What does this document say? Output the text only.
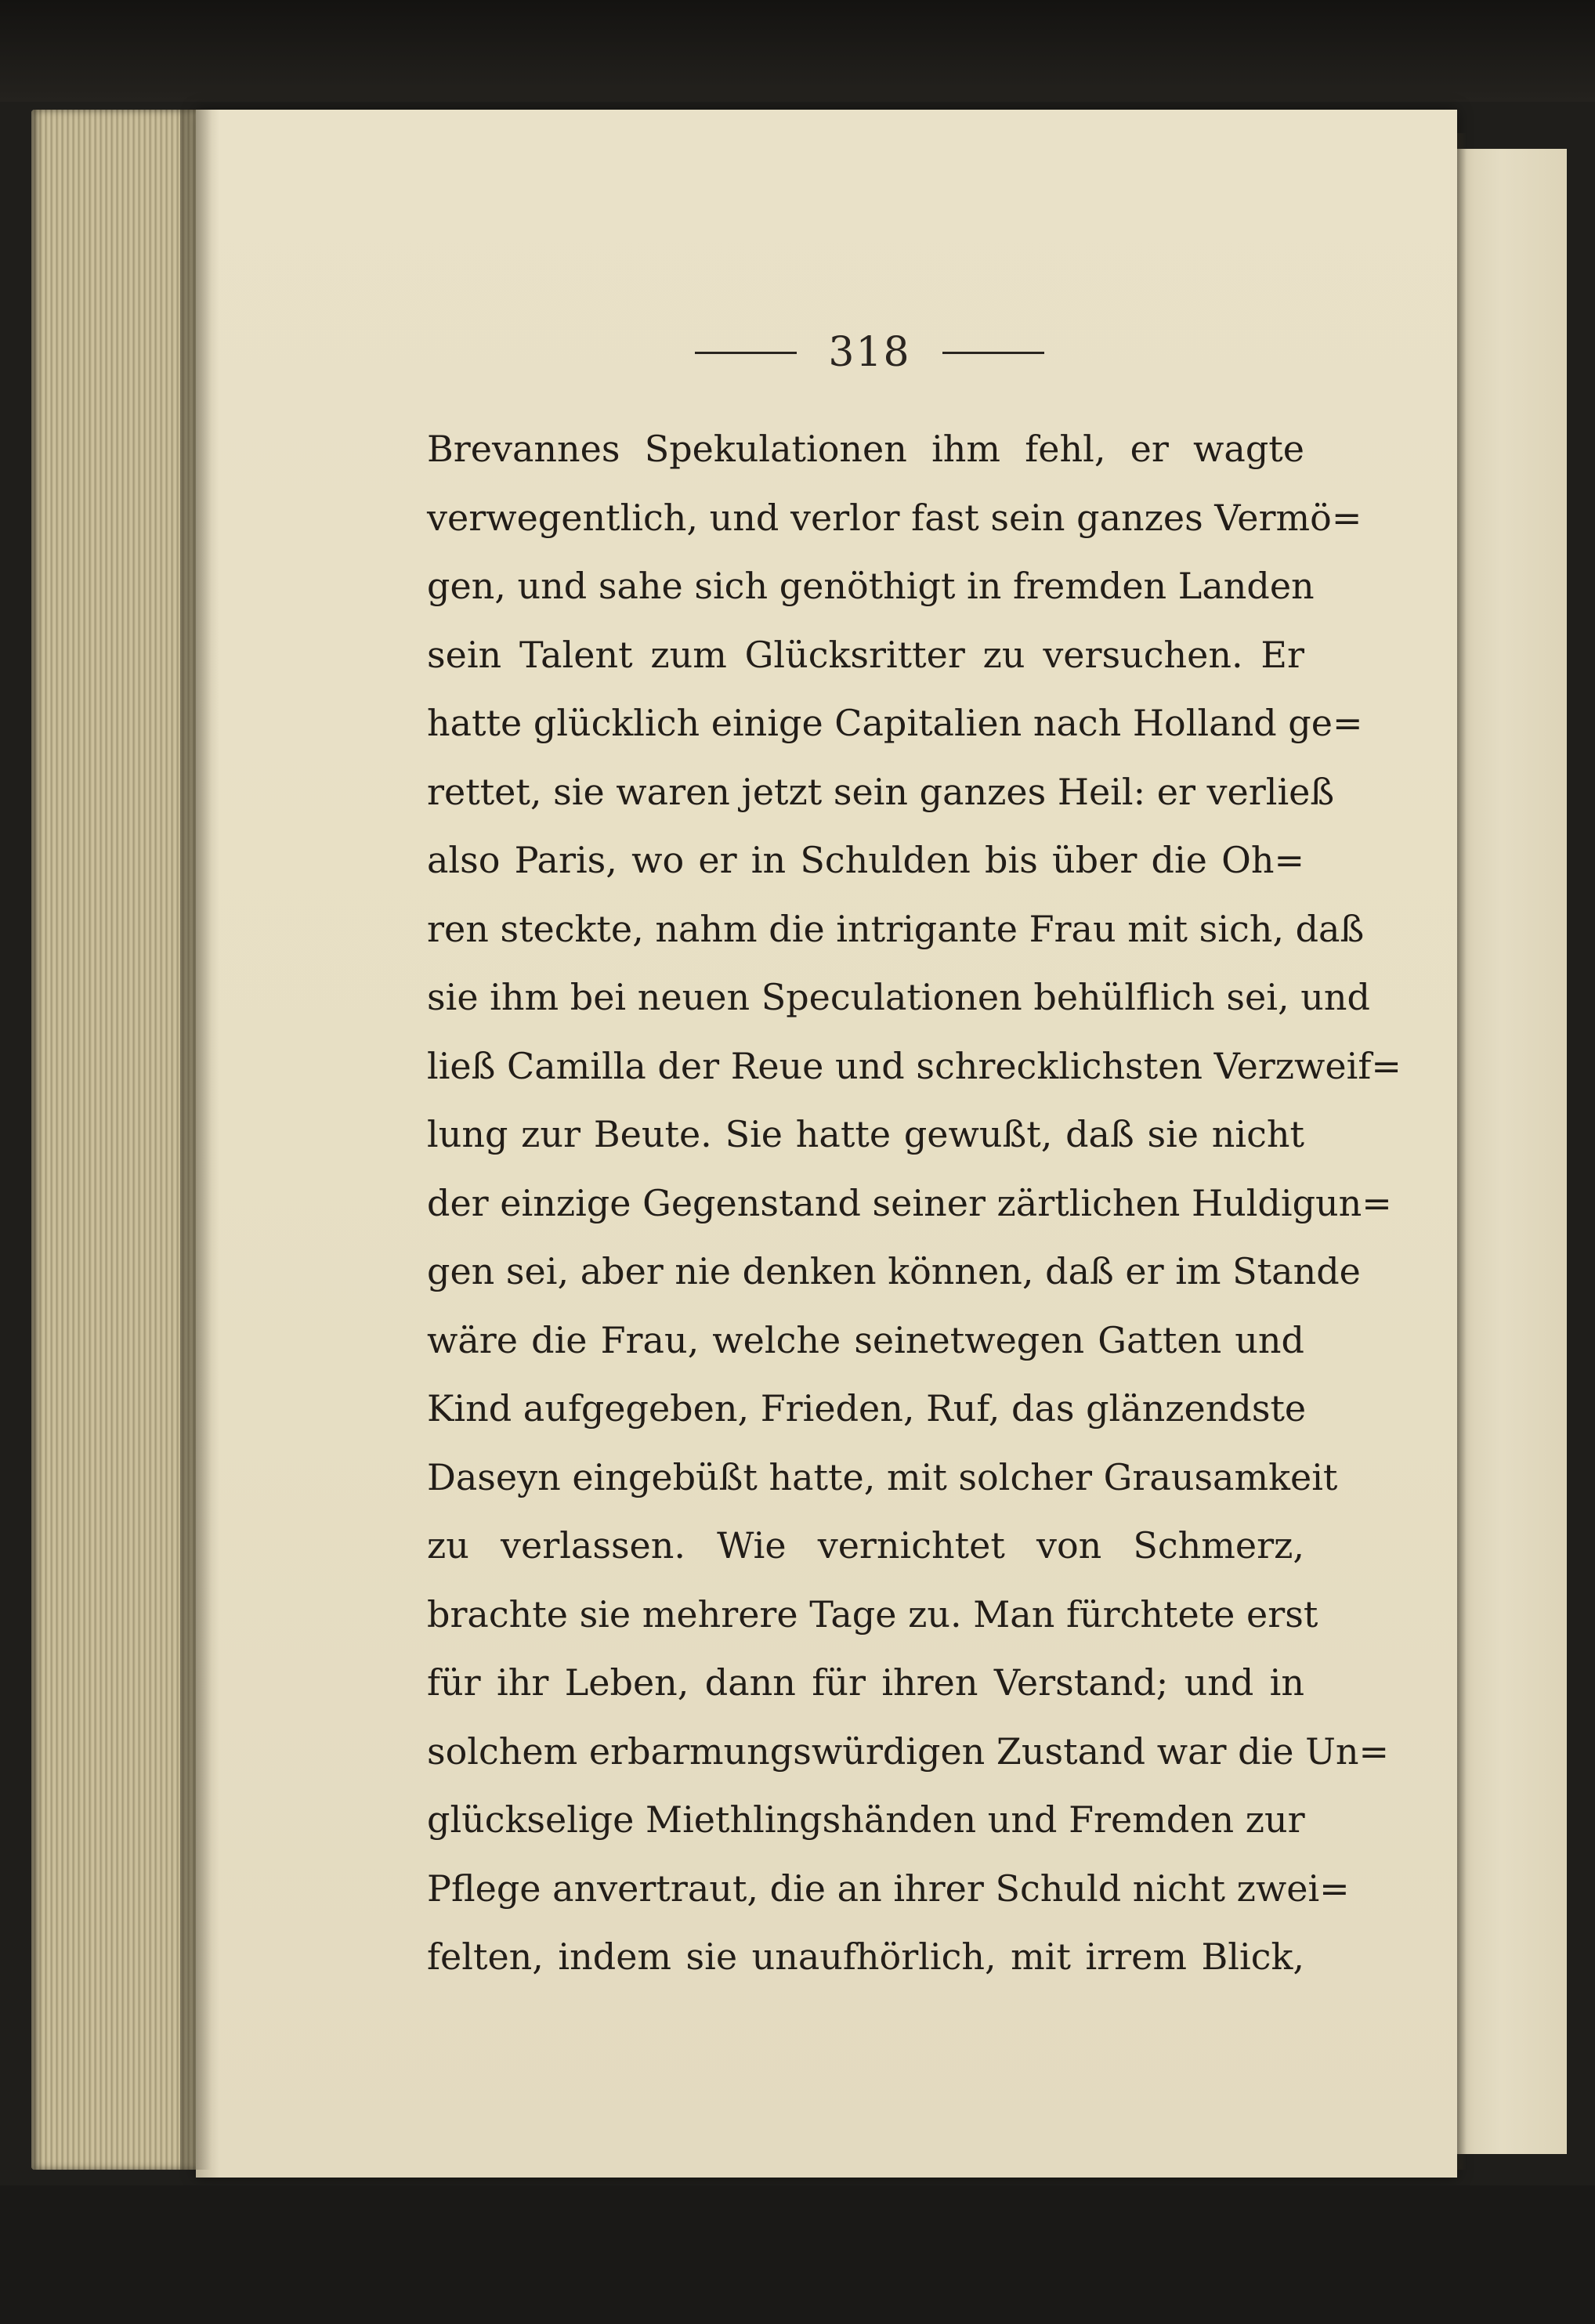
318
Brevannes Spekulationen ihm fehl, er wagte
verwegentlich, und verlor fast sein ganzes Vermö=
gen, und sahe sich genöthigt in fremden Landen
sein Talent zum Glücksritter zu versuchen. Er
hatte glücklich einige Capitalien nach Holland ge=
rettet, sie waren jetzt sein ganzes Heil: er verließ
also Paris, wo er in Schulden bis über die Oh=
ren steckte, nahm die intrigante Frau mit sich, daß
sie ihm bei neuen Speculationen behülflich sei, und
ließ Camilla der Reue und schrecklichsten Verzweif=
lung zur Beute. Sie hatte gewußt, daß sie nicht
der einzige Gegenstand seiner zärtlichen Huldigun=
gen sei, aber nie denken können, daß er im Stande
wäre die Frau, welche seinetwegen Gatten und
Kind aufgegeben, Frieden, Ruf, das glänzendste
Daseyn eingebüßt hatte, mit solcher Grausamkeit
zu verlassen. Wie vernichtet von Schmerz,
brachte sie mehrere Tage zu. Man fürchtete erst
für ihr Leben, dann für ihren Verstand; und in
solchem erbarmungswürdigen Zustand war die Un=
glückselige Miethlingshänden und Fremden zur
Pflege anvertraut, die an ihrer Schuld nicht zwei=
felten, indem sie unaufhörlich, mit irrem Blick,
